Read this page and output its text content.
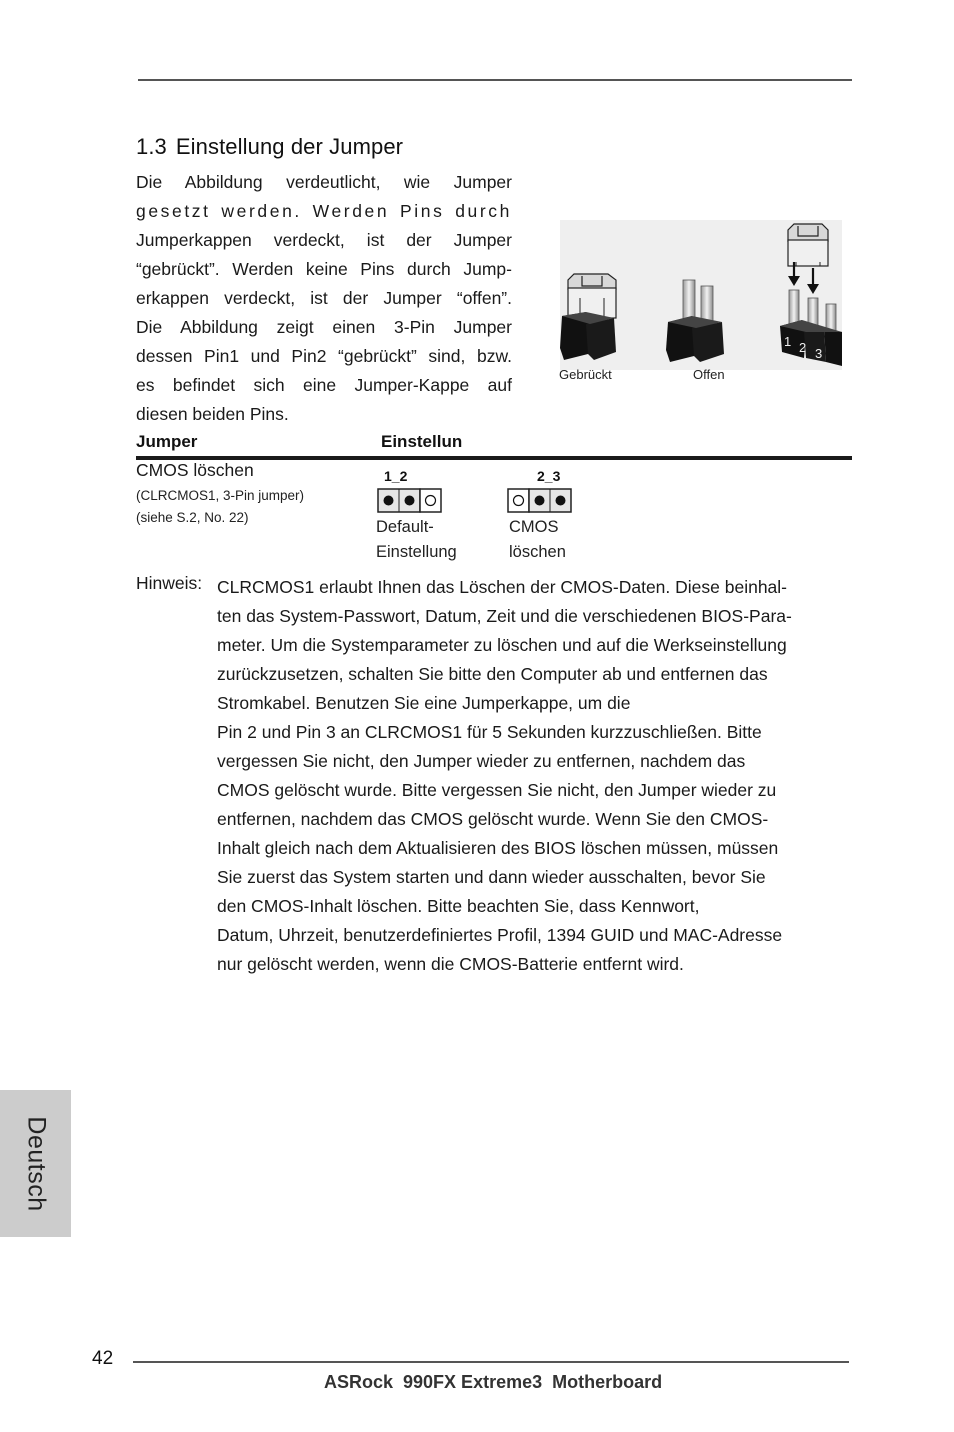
1.3 Einstellung der Jumper
Die Abbildung verdeutlicht, wie Jumper
gesetzt werden. Werden Pins durch
Jumperkappen verdeckt, ist der Jumper
“gebrückt”. Werden keine Pins durch Jump-
erkappen verdeckt, ist der Jumper “offen”.
Die Abbildung zeigt einen 3-Pin Jumper
dessen Pin1 und Pin2 “gebrückt” sind, bzw.
es befindet sich eine Jumper-Kappe auf
diesen beiden Pins.
1 2 3
Gebrückt	Offen
Jumper	Einstellun
CMOS löschen
(CLRCMOS1, 3-Pin jumper)
(siehe S.2, No. 22)
1_2
Default-
Einstellung
2_3
CMOS
löschen
Hinweis: CLRCMOS1 erlaubt Ihnen das Löschen der CMOS-Daten. Diese beinhal-
ten das System-Passwort, Datum, Zeit und die verschiedenen BIOS-Para-
meter. Um die Systemparameter zu löschen und auf die Werkseinstellung
zurückzusetzen, schalten Sie bitte den Computer ab und entfernen das
Stromkabel. Benutzen Sie eine Jumperkappe, um die
Pin 2 und Pin 3 an CLRCMOS1 für 5 Sekunden kurzzuschließen. Bitte
vergessen Sie nicht, den Jumper wieder zu entfernen, nachdem das
CMOS gelöscht wurde. Bitte vergessen Sie nicht, den Jumper wieder zu
entfernen, nachdem das CMOS gelöscht wurde. Wenn Sie den CMOS-
Inhalt gleich nach dem Aktualisieren des BIOS löschen müssen, müssen
Sie zuerst das System starten und dann wieder ausschalten, bevor Sie
den CMOS-Inhalt löschen. Bitte beachten Sie, dass Kennwort,
Datum, Uhrzeit, benutzerdefiniertes Profil, 1394 GUID und MAC-Adresse
nur gelöscht werden, wenn die CMOS-Batterie entfernt wird.
Deutsch
42
ASRock  990FX Extreme3  Motherboard
